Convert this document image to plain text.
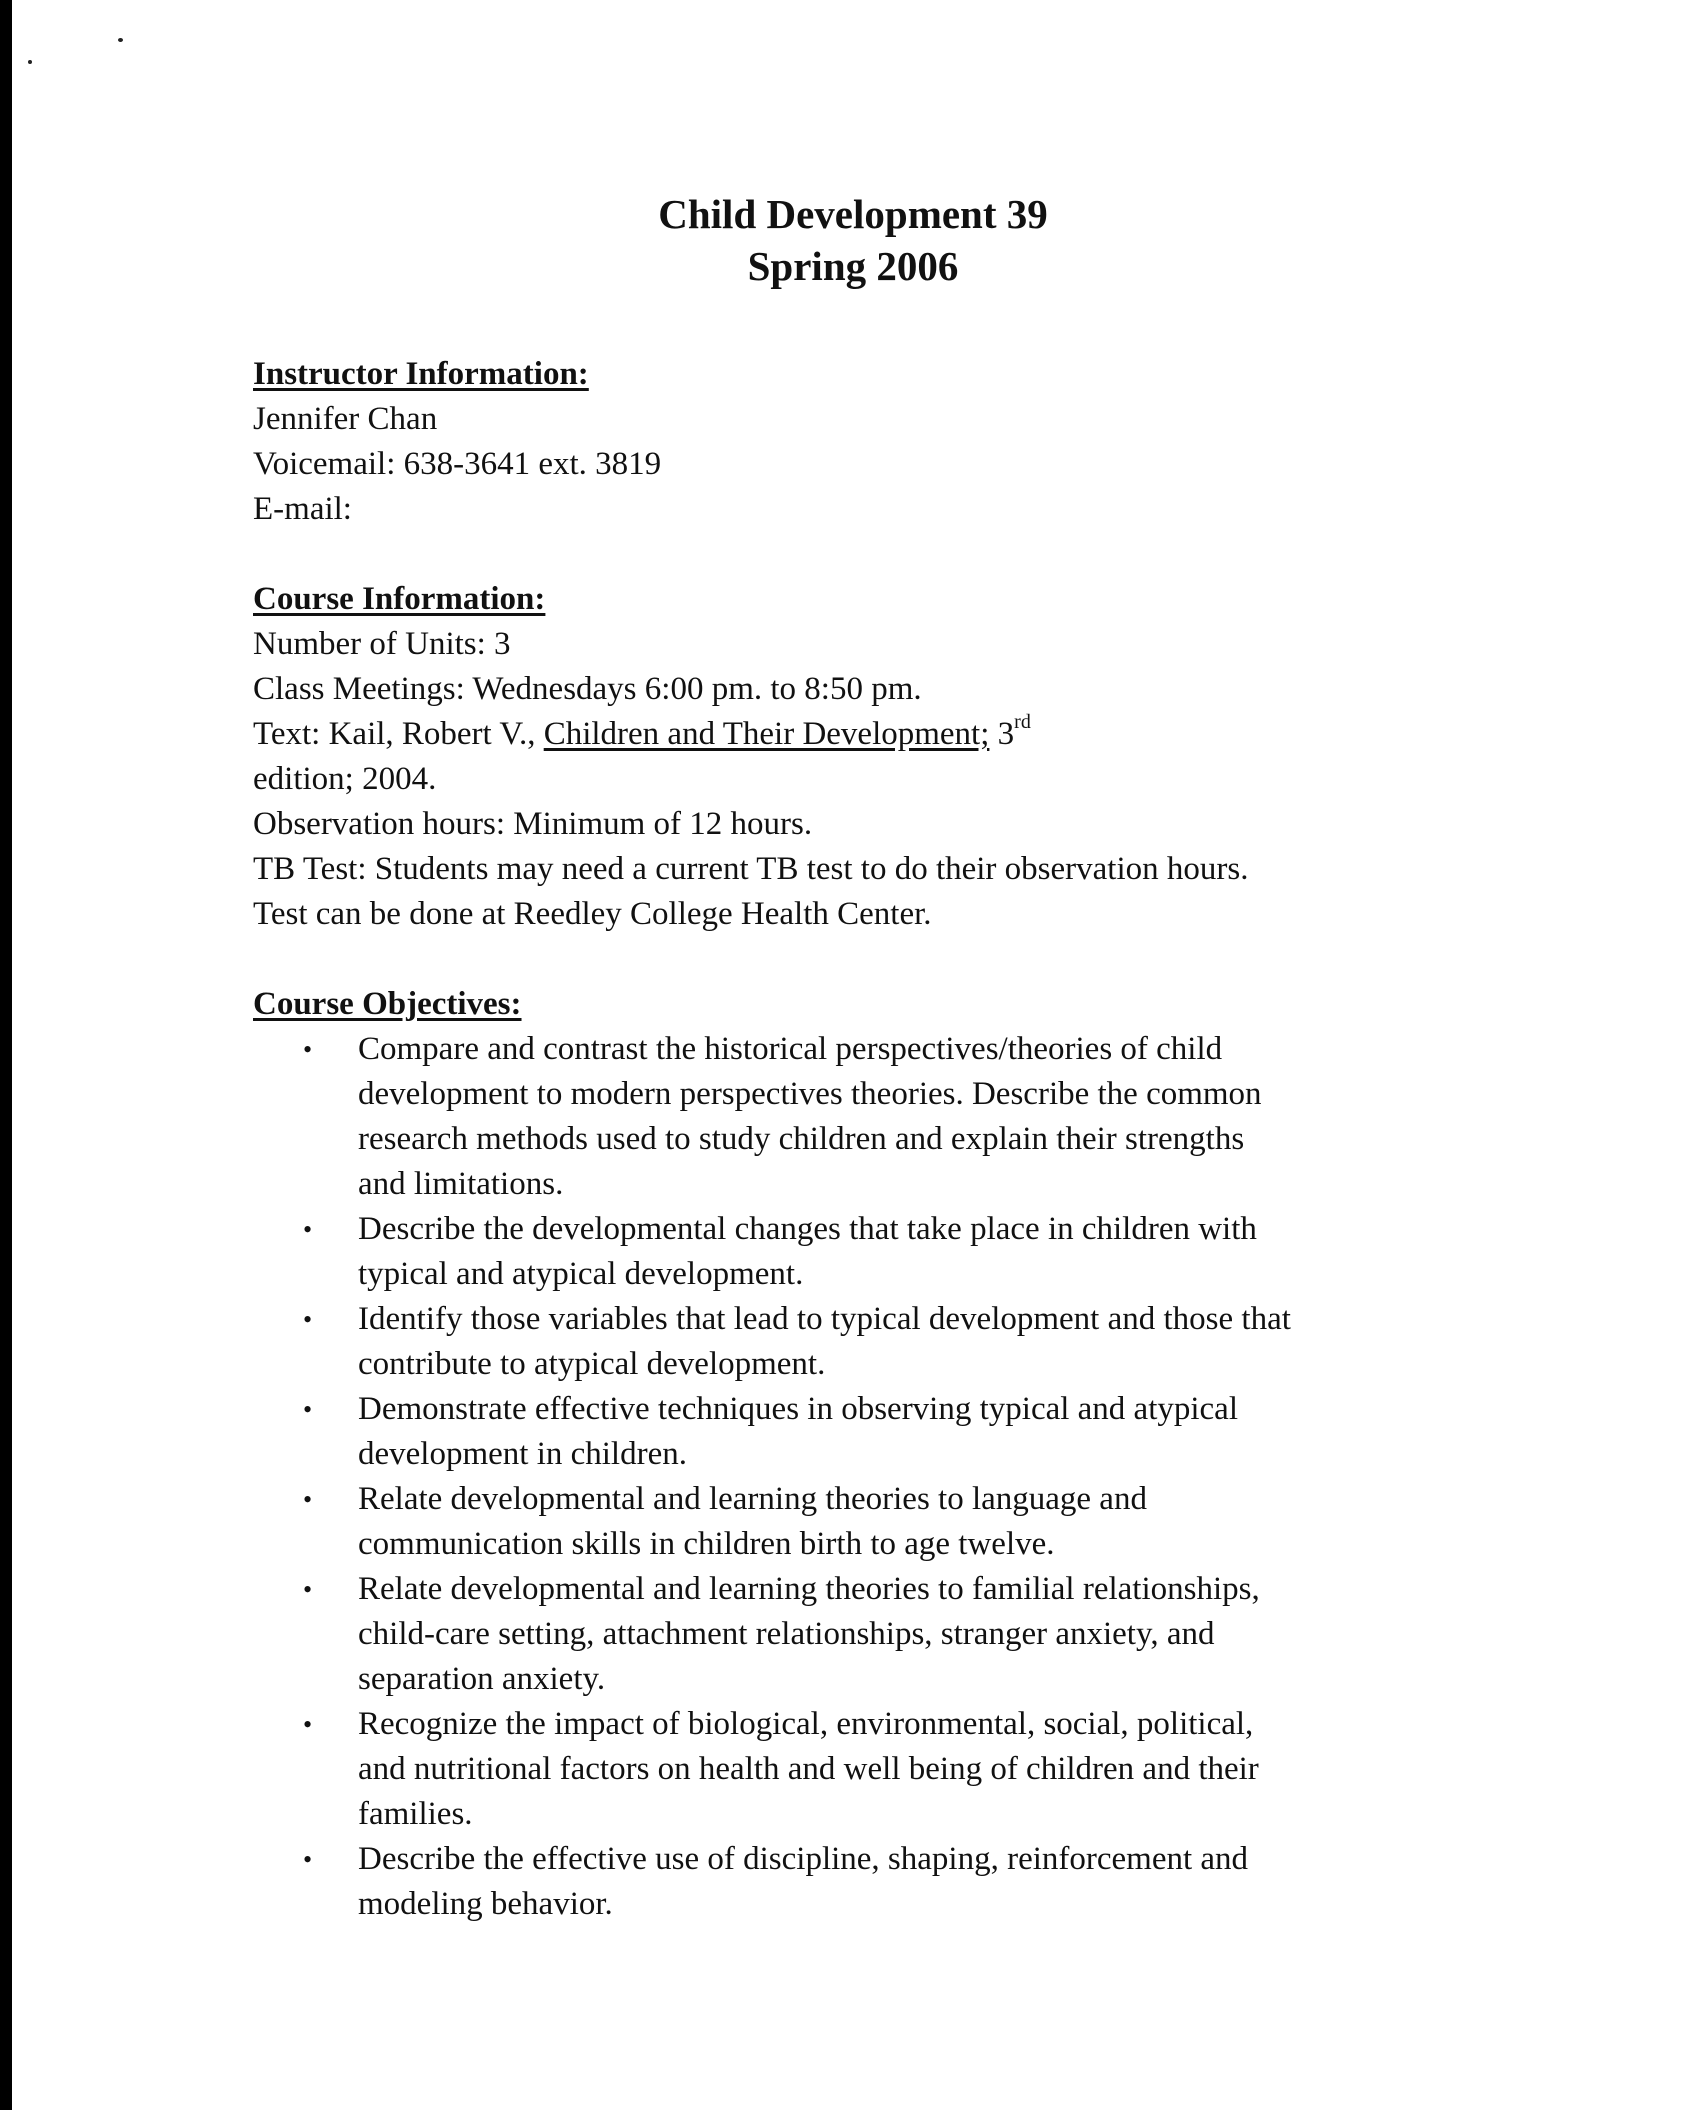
Child Development 39
Spring 2006
Instructor Information:
Jennifer Chan
Voicemail: 638-3641 ext. 3819
E-mail:
Course Information:
Number of Units: 3
Class Meetings: Wednesdays 6:00 pm. to 8:50 pm.
Text: Kail, Robert V., Children and Their Development; 3rd
edition; 2004.
Observation hours: Minimum of 12 hours.
TB Test: Students may need a current TB test to do their observation hours.
Test can be done at Reedley College Health Center.
Course Objectives:
• Compare and contrast the historical perspectives/theories of child
development to modern perspectives theories. Describe the common
research methods used to study children and explain their strengths
and limitations.
• Describe the developmental changes that take place in children with
typical and atypical development.
• Identify those variables that lead to typical development and those that
contribute to atypical development.
• Demonstrate effective techniques in observing typical and atypical
development in children.
• Relate developmental and learning theories to language and
communication skills in children birth to age twelve.
• Relate developmental and learning theories to familial relationships,
child-care setting, attachment relationships, stranger anxiety, and
separation anxiety.
• Recognize the impact of biological, environmental, social, political,
and nutritional factors on health and well being of children and their
families.
• Describe the effective use of discipline, shaping, reinforcement and
modeling behavior.
